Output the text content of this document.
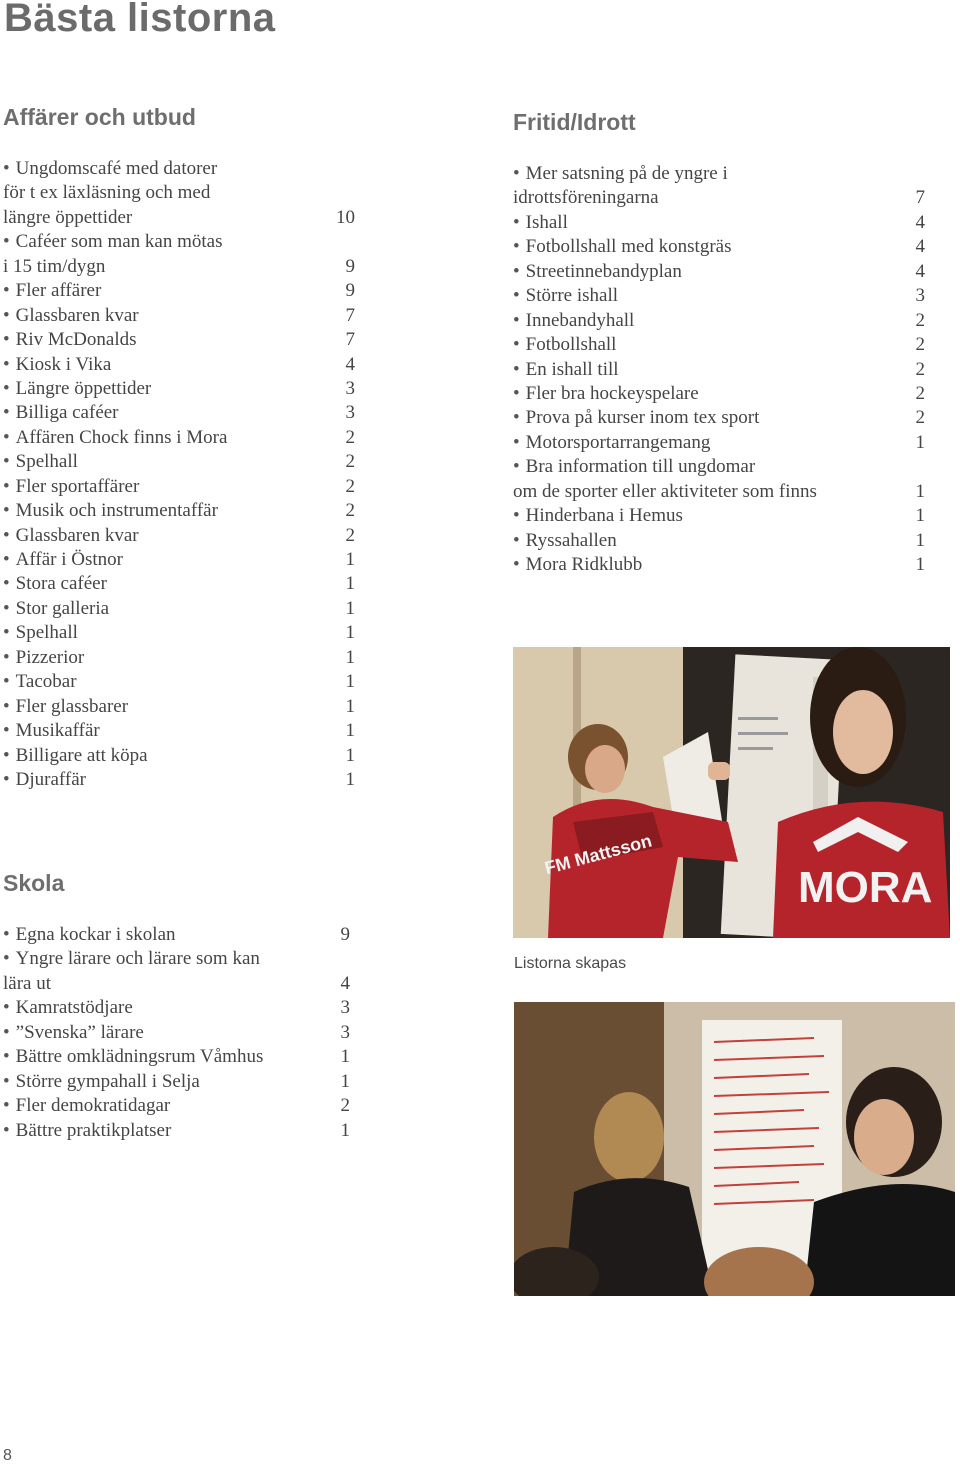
Bästa listorna
Affärer och utbud
• Ungdomscafé med datorer
för t ex läxläsning och med
längre öppettider	10
• Caféer som man kan mötas
i 15 tim/dygn	9
• Fler affärer	9
• Glassbaren kvar	7
• Riv McDonalds	7
• Kiosk i Vika	4
• Längre öppettider	3
• Billiga caféer	3
• Affären Chock finns i Mora	2
• Spelhall	2
• Fler sportaffärer	2
• Musik och instrumentaffär	2
• Glassbaren kvar	2
• Affär i Östnor	1
• Stora caféer	1
• Stor galleria	1
• Spelhall	1
• Pizzerior	1
• Tacobar	1
• Fler glassbarer	1
• Musikaffär	1
• Billigare att köpa	1
• Djuraffär	1
Skola
• Egna kockar i skolan	9
• Yngre lärare och lärare som kan
lära ut	4
• Kamratstödjare	3
• ”Svenska” lärare	3
• Bättre omklädningsrum Våmhus	1
• Större gympahall i Selja	1
• Fler demokratidagar	2
• Bättre praktikplatser	1
Fritid/Idrott
• Mer satsning på de yngre i
idrottsföreningarna	7
• Ishall	4
• Fotbollshall med konstgräs	4
• Streetinnebandyplan	4
• Större ishall	3
• Innebandyhall	2
• Fotbollshall	2
• En ishall till	2
• Fler bra hockeyspelare	2
• Prova på kurser inom tex sport	2
• Motorsportarrangemang	1
• Bra information till ungdomar
om de sporter eller aktiviteter som finns	1
• Hinderbana i Hemus	1
• Ryssahallen	1
• Mora Ridklubb	1
FM Mattsson
MORA

Listorna skapas

8
